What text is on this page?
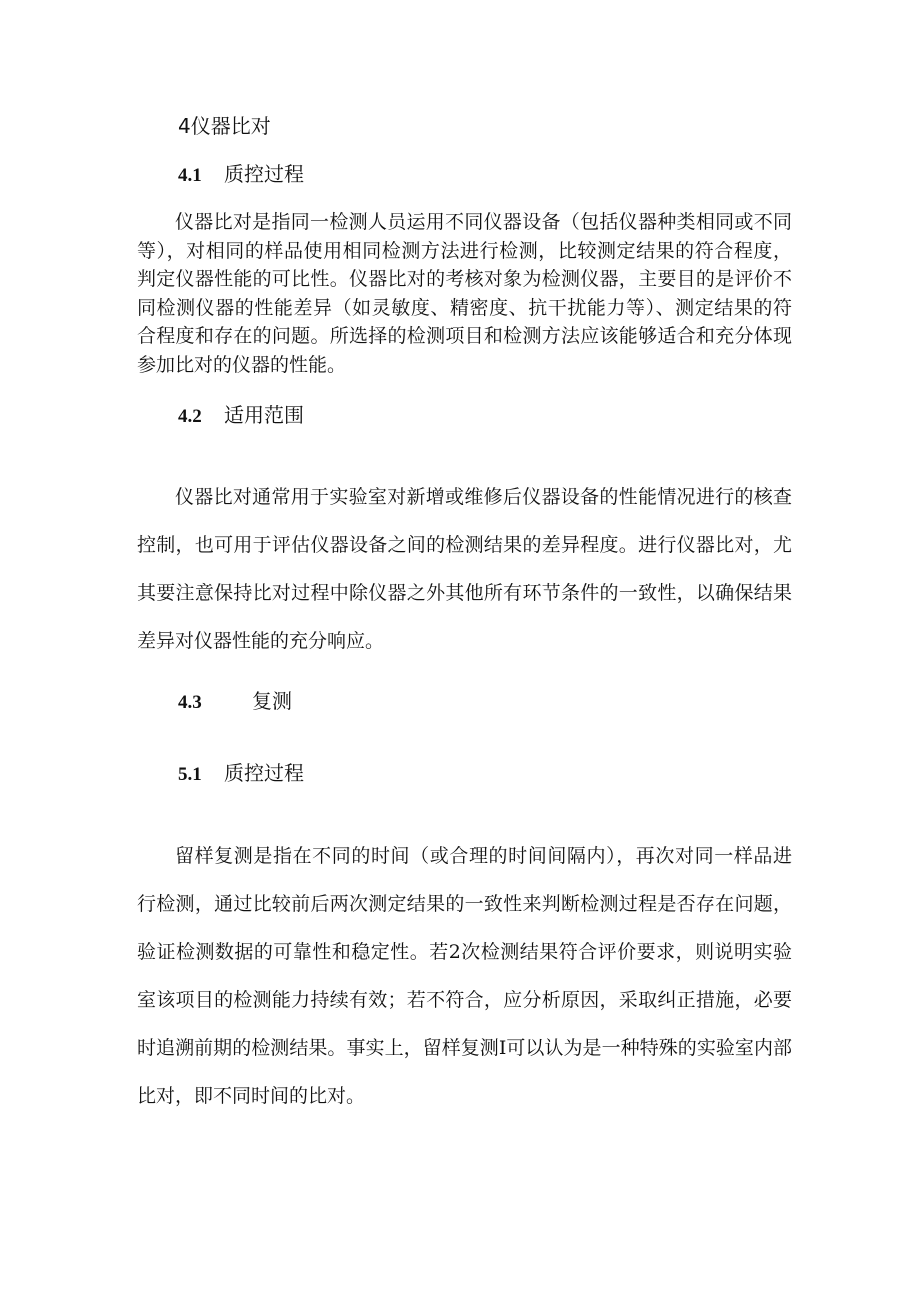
4仪器比对
4.1 质控过程

仪器比对是指同一检测人员运用不同仪器设备（包括仪器种类相同或不同等），对相同的样品使用相同检测方法进行检测，比较测定结果的符合程度，判定仪器性能的可比性。仪器比对的考核对象为检测仪器，主要目的是评价不同检测仪器的性能差异（如灵敏度、精密度、抗干扰能力等）、测定结果的符合程度和存在的问题。所选择的检测项目和检测方法应该能够适合和充分体现参加比对的仪器的性能。

4.2 适用范围

仪器比对通常用于实验室对新增或维修后仪器设备的性能情况进行的核查控制，也可用于评估仪器设备之间的检测结果的差异程度。进行仪器比对，尤其要注意保持比对过程中除仪器之外其他所有环节条件的一致性，以确保结果差异对仪器性能的充分响应。

4.3	复测
5.1 质控过程

留样复测是指在不同的时间（或合理的时间间隔内），再次对同一样品进行检测，通过比较前后两次测定结果的一致性来判断检测过程是否存在问题，验证检测数据的可靠性和稳定性。若2次检测结果符合评价要求，则说明实验室该项目的检测能力持续有效；若不符合，应分析原因，采取纠正措施，必要时追溯前期的检测结果。事实上，留样复测I可以认为是一种特殊的实验室内部比对，即不同时间的比对。
